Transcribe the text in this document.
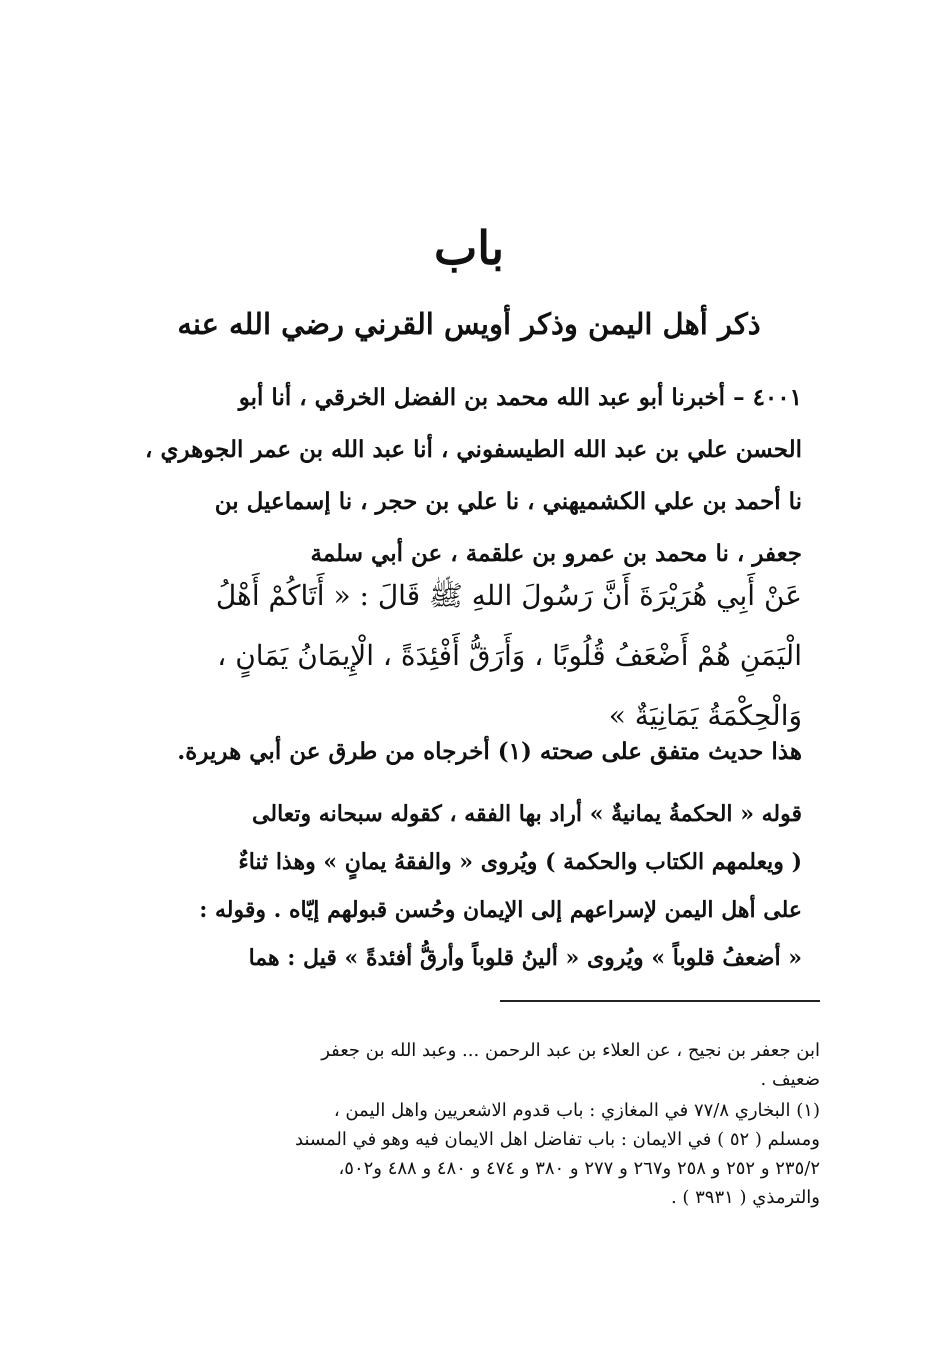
باب
ذكر أهل اليمن وذكر أويس القرني رضي الله عنه
٤٠٠١ – أخبرنا أبو عبد الله محمد بن الفضل الخرقي ، أنا أبو
الحسن علي بن عبد الله الطيسفوني ، أنا عبد الله بن عمر الجوهري ،
نا أحمد بن علي الكشميهني ، نا علي بن حجر ، نا إسماعيل بن
جعفر ، نا محمد بن عمرو بن علقمة ، عن أبي سلمة
عَنْ أَبِي هُرَيْرَةَ أَنَّ رَسُولَ اللهِ ﷺ قَالَ : « أَتَاكُمْ أَهْلُ
الْيَمَنِ هُمْ أَضْعَفُ قُلُوبًا ، وَأَرَقُّ أَفْئِدَةً ، الْإِيمَانُ يَمَانٍ ،
وَالْحِكْمَةُ يَمَانِيَةٌ »
هذا حديث متفق على صحته (١) أخرجاه من طرق عن أبي هريرة.
قوله « الحكمةُ يمانيةٌ » أراد بها الفقه ، كقوله سبحانه وتعالى
( ويعلمهم الكتاب والحكمة ) ويُروى « والفقهُ يمانٍ » وهذا ثناءٌ
على أهل اليمن لإسراعهم إلى الإيمان وحُسن قبولهم إيّاه . وقوله :
« أضعفُ قلوباً » ويُروى « ألينُ قلوباً وأرقُّ أفئدةً » قيل : هما
ابن جعفر بن نجيح ، عن العلاء بن عبد الرحمن ... وعبد الله بن جعفر
ضعيف .
(١) البخاري ٧٧/٨ في المغازي : باب قدوم الاشعريين واهل اليمن ،
ومسلم ( ٥٢ ) في الايمان : باب تفاضل اهل الايمان فيه وهو في المسند
٢٣٥/٢ و ٢٥٢ و ٢٥٨ و٢٦٧ و ٢٧٧ و ٣٨٠ و ٤٧٤ و ٤٨٠ و ٤٨٨ و٥٠٢،
والترمذي ( ٣٩٣١ ) .
